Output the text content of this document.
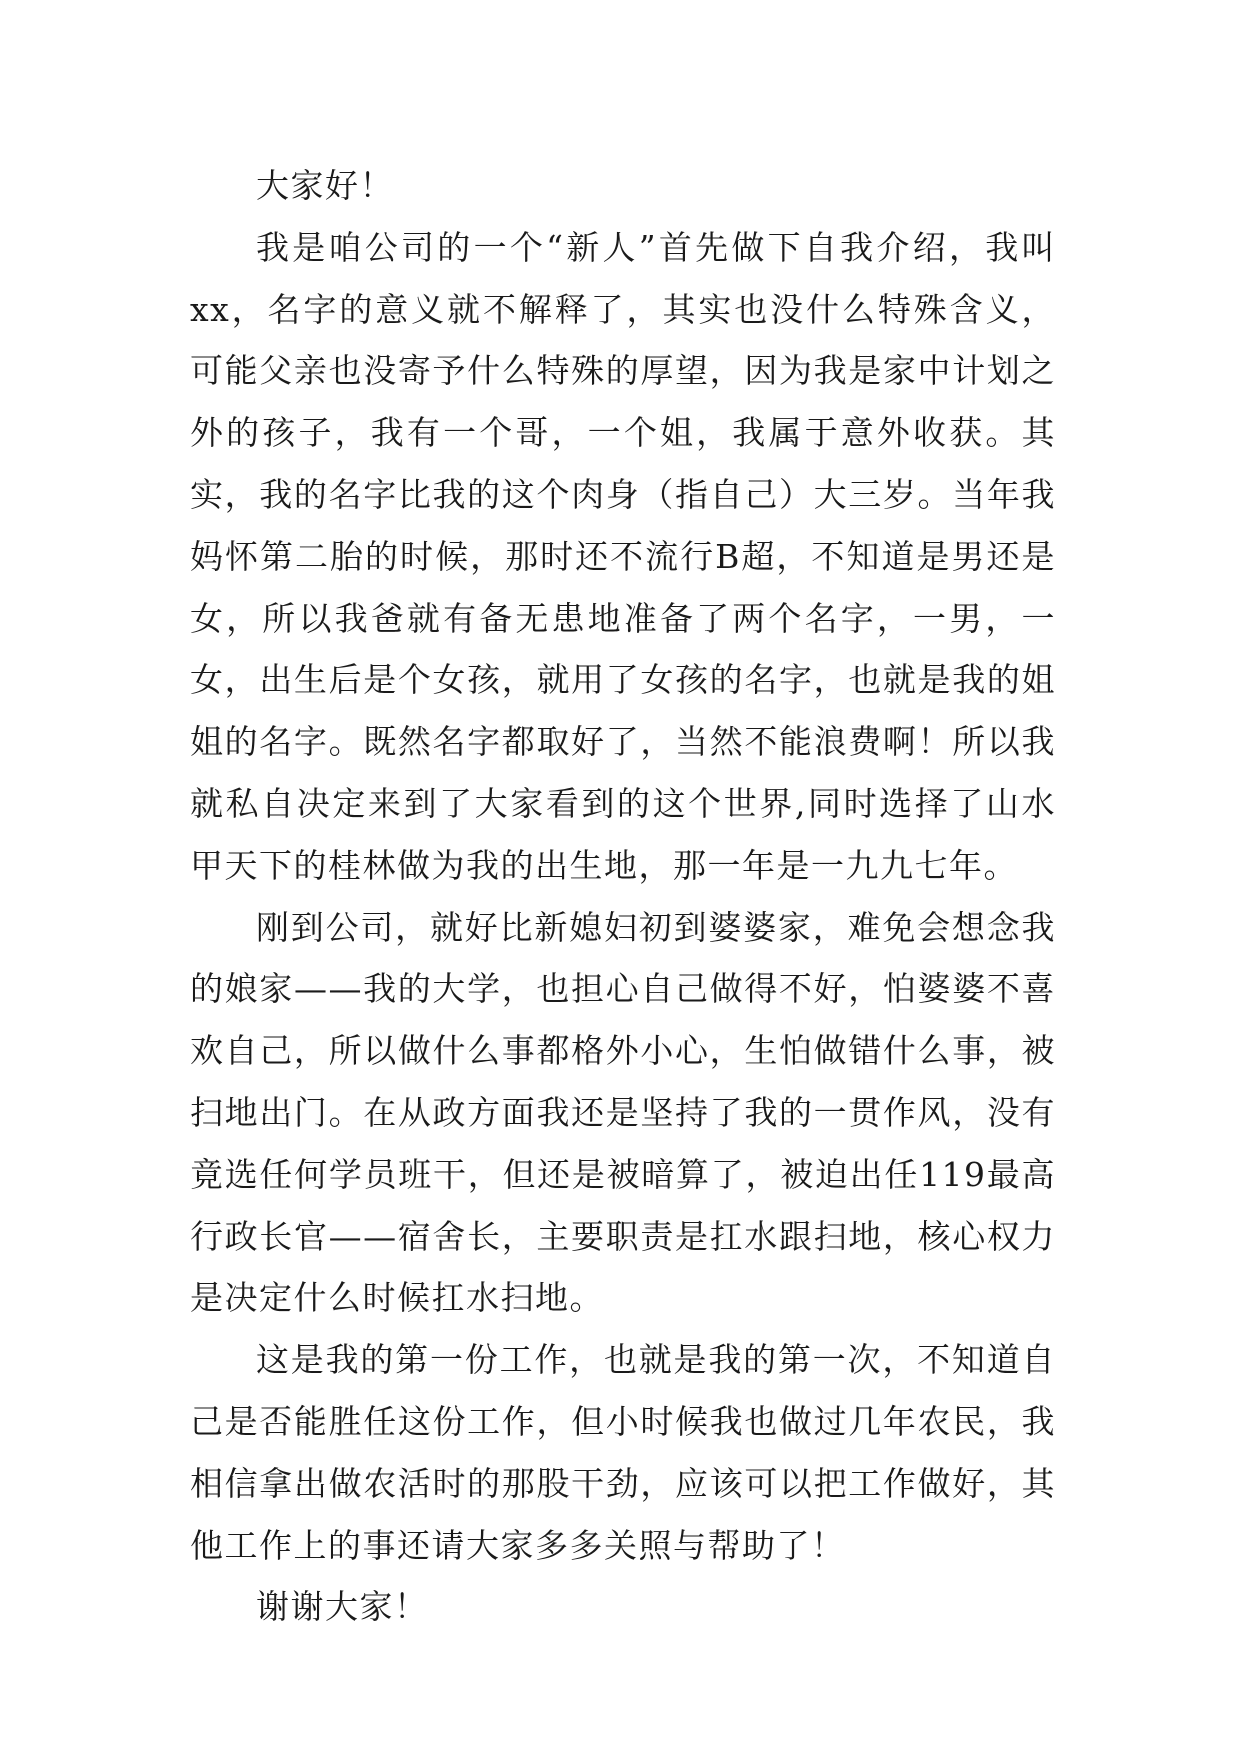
大家好！

我是咱公司的一个“新人”首先做下自我介绍，我叫xx，名字的意义就不解释了，其实也没什么特殊含义，可能父亲也没寄予什么特殊的厚望，因为我是家中计划之外的孩子，我有一个哥，一个姐，我属于意外收获。其实，我的名字比我的这个肉身（指自己）大三岁。当年我妈怀第二胎的时候，那时还不流行B超，不知道是男还是女，所以我爸就有备无患地准备了两个名字，一男，一女，出生后是个女孩，就用了女孩的名字，也就是我的姐姐的名字。既然名字都取好了，当然不能浪费啊！所以我就私自决定来到了大家看到的这个世界,同时选择了山水甲天下的桂林做为我的出生地，那一年是一九九七年。

刚到公司，就好比新媳妇初到婆婆家，难免会想念我的娘家——我的大学，也担心自己做得不好，怕婆婆不喜欢自己，所以做什么事都格外小心，生怕做错什么事，被扫地出门。在从政方面我还是坚持了我的一贯作风，没有竟选任何学员班干，但还是被暗算了，被迫出任119最高行政长官——宿舍长，主要职责是扛水跟扫地，核心权力是决定什么时候扛水扫地。

这是我的第一份工作，也就是我的第一次，不知道自己是否能胜任这份工作，但小时候我也做过几年农民，我相信拿出做农活时的那股干劲，应该可以把工作做好，其他工作上的事还请大家多多关照与帮助了！

谢谢大家！
